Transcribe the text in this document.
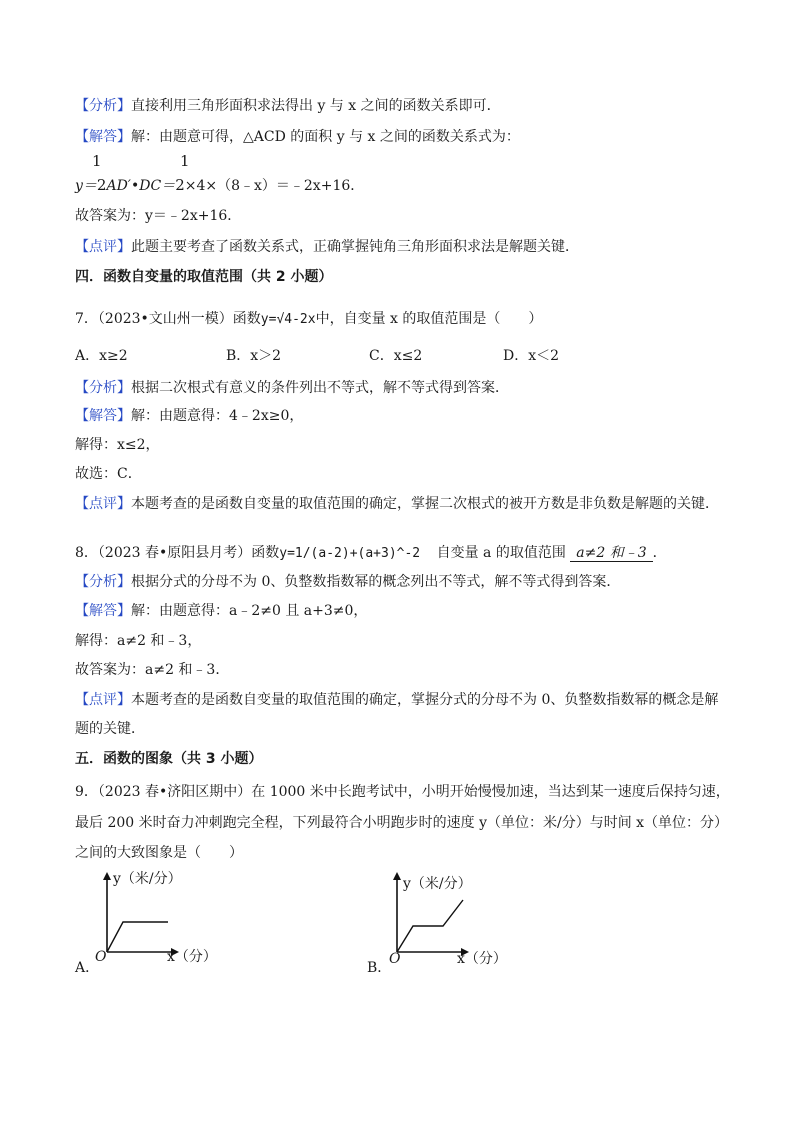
【分析】直接利用三角形面积求法得出 y 与 x 之间的函数关系即可．
【解答】解：由题意可得，△ACD 的面积 y 与 x 之间的函数关系式为：
1	1
y＝2AD′•DC＝2×4×（8﹣x）＝﹣2x+16．
故答案为：y＝﹣2x+16．
【点评】此题主要考查了函数关系式，正确掌握钝角三角形面积求法是解题关键．
四．函数自变量的取值范围（共 2 小题）
7．（2023•文山州一模）函数y=√4-2x中，自变量 x 的取值范围是（　　）
A．x≥2	B．x＞2	C．x≤2	D．x＜2
【分析】根据二次根式有意义的条件列出不等式，解不等式得到答案．
【解答】解：由题意得：4﹣2x≥0，
解得：x≤2，
故选：C．
【点评】本题考查的是函数自变量的取值范围的确定，掌握二次根式的被开方数是非负数是解题的关键．
8．（2023 春•原阳县月考）函数y=1/(a-2)+(a+3)^-2 自变量 a 的取值范围 a≠2 和﹣3 ．
【分析】根据分式的分母不为 0、负整数指数幂的概念列出不等式，解不等式得到答案．
【解答】解：由题意得：a﹣2≠0 且 a+3≠0，
解得：a≠2 和﹣3，
故答案为：a≠2 和﹣3．
【点评】本题考查的是函数自变量的取值范围的确定，掌握分式的分母不为 0、负整数指数幂的概念是解
题的关键．
五．函数的图象（共 3 小题）
9．（2023 春•济阳区期中）在 1000 米中长跑考试中，小明开始慢慢加速，当达到某一速度后保持匀速，
最后 200 米时奋力冲刺跑完全程，下列最符合小明跑步时的速度 y（单位：米/分）与时间 x（单位：分）
之间的大致图象是（　　）
y（米/分）
O	x（分）
A．
y（米/分）
O	x（分）
B．
